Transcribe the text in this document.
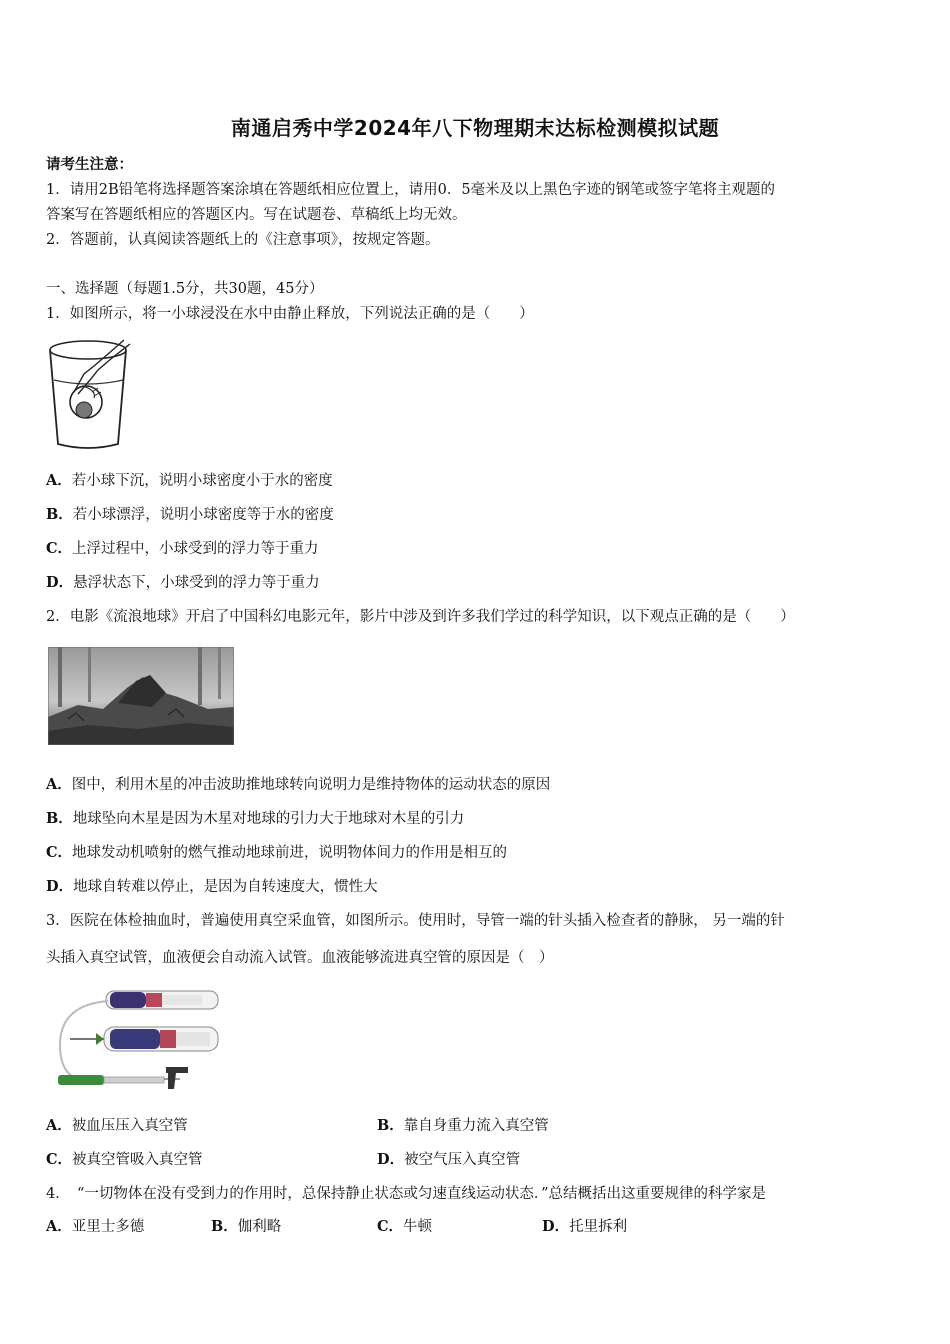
南通启秀中学2024年八下物理期末达标检测模拟试题
请考生注意：
1．请用2B铅笔将选择题答案涂填在答题纸相应位置上，请用0．5毫米及以上黑色字迹的钢笔或签字笔将主观题的
答案写在答题纸相应的答题区内。写在试题卷、草稿纸上均无效。
2．答题前，认真阅读答题纸上的《注意事项》，按规定答题。
一、选择题（每题1.5分，共30题，45分）
1．如图所示，将一小球浸没在水中由静止释放，下列说法正确的是（　　）
A．若小球下沉，说明小球密度小于水的密度
B．若小球漂浮，说明小球密度等于水的密度
C．上浮过程中，小球受到的浮力等于重力
D．悬浮状态下，小球受到的浮力等于重力
2．电影《流浪地球》开启了中国科幻电影元年，影片中涉及到许多我们学过的科学知识，以下观点正确的是（　　）
A．图中，利用木星的冲击波助推地球转向说明力是维持物体的运动状态的原因
B．地球坠向木星是因为木星对地球的引力大于地球对木星的引力
C．地球发动机喷射的燃气推动地球前进，说明物体间力的作用是相互的
D．地球自转难以停止，是因为自转速度大，惯性大
3．医院在体检抽血时，普遍使用真空采血管，如图所示。使用时，导管一端的针头插入检查者的静脉， 另一端的针
头插入真空试管，血液便会自动流入试管。血液能够流进真空管的原因是（　）
A．被血压压入真空管	B．靠自身重力流入真空管
C．被真空管吸入真空管	D．被空气压入真空管
4．　“一切物体在没有受到力的作用时，总保持静止状态或匀速直线运动状态．”总结概括出这重要规律的科学家是
A．亚里士多德	B．伽利略	C．牛顿	D．托里拆利
